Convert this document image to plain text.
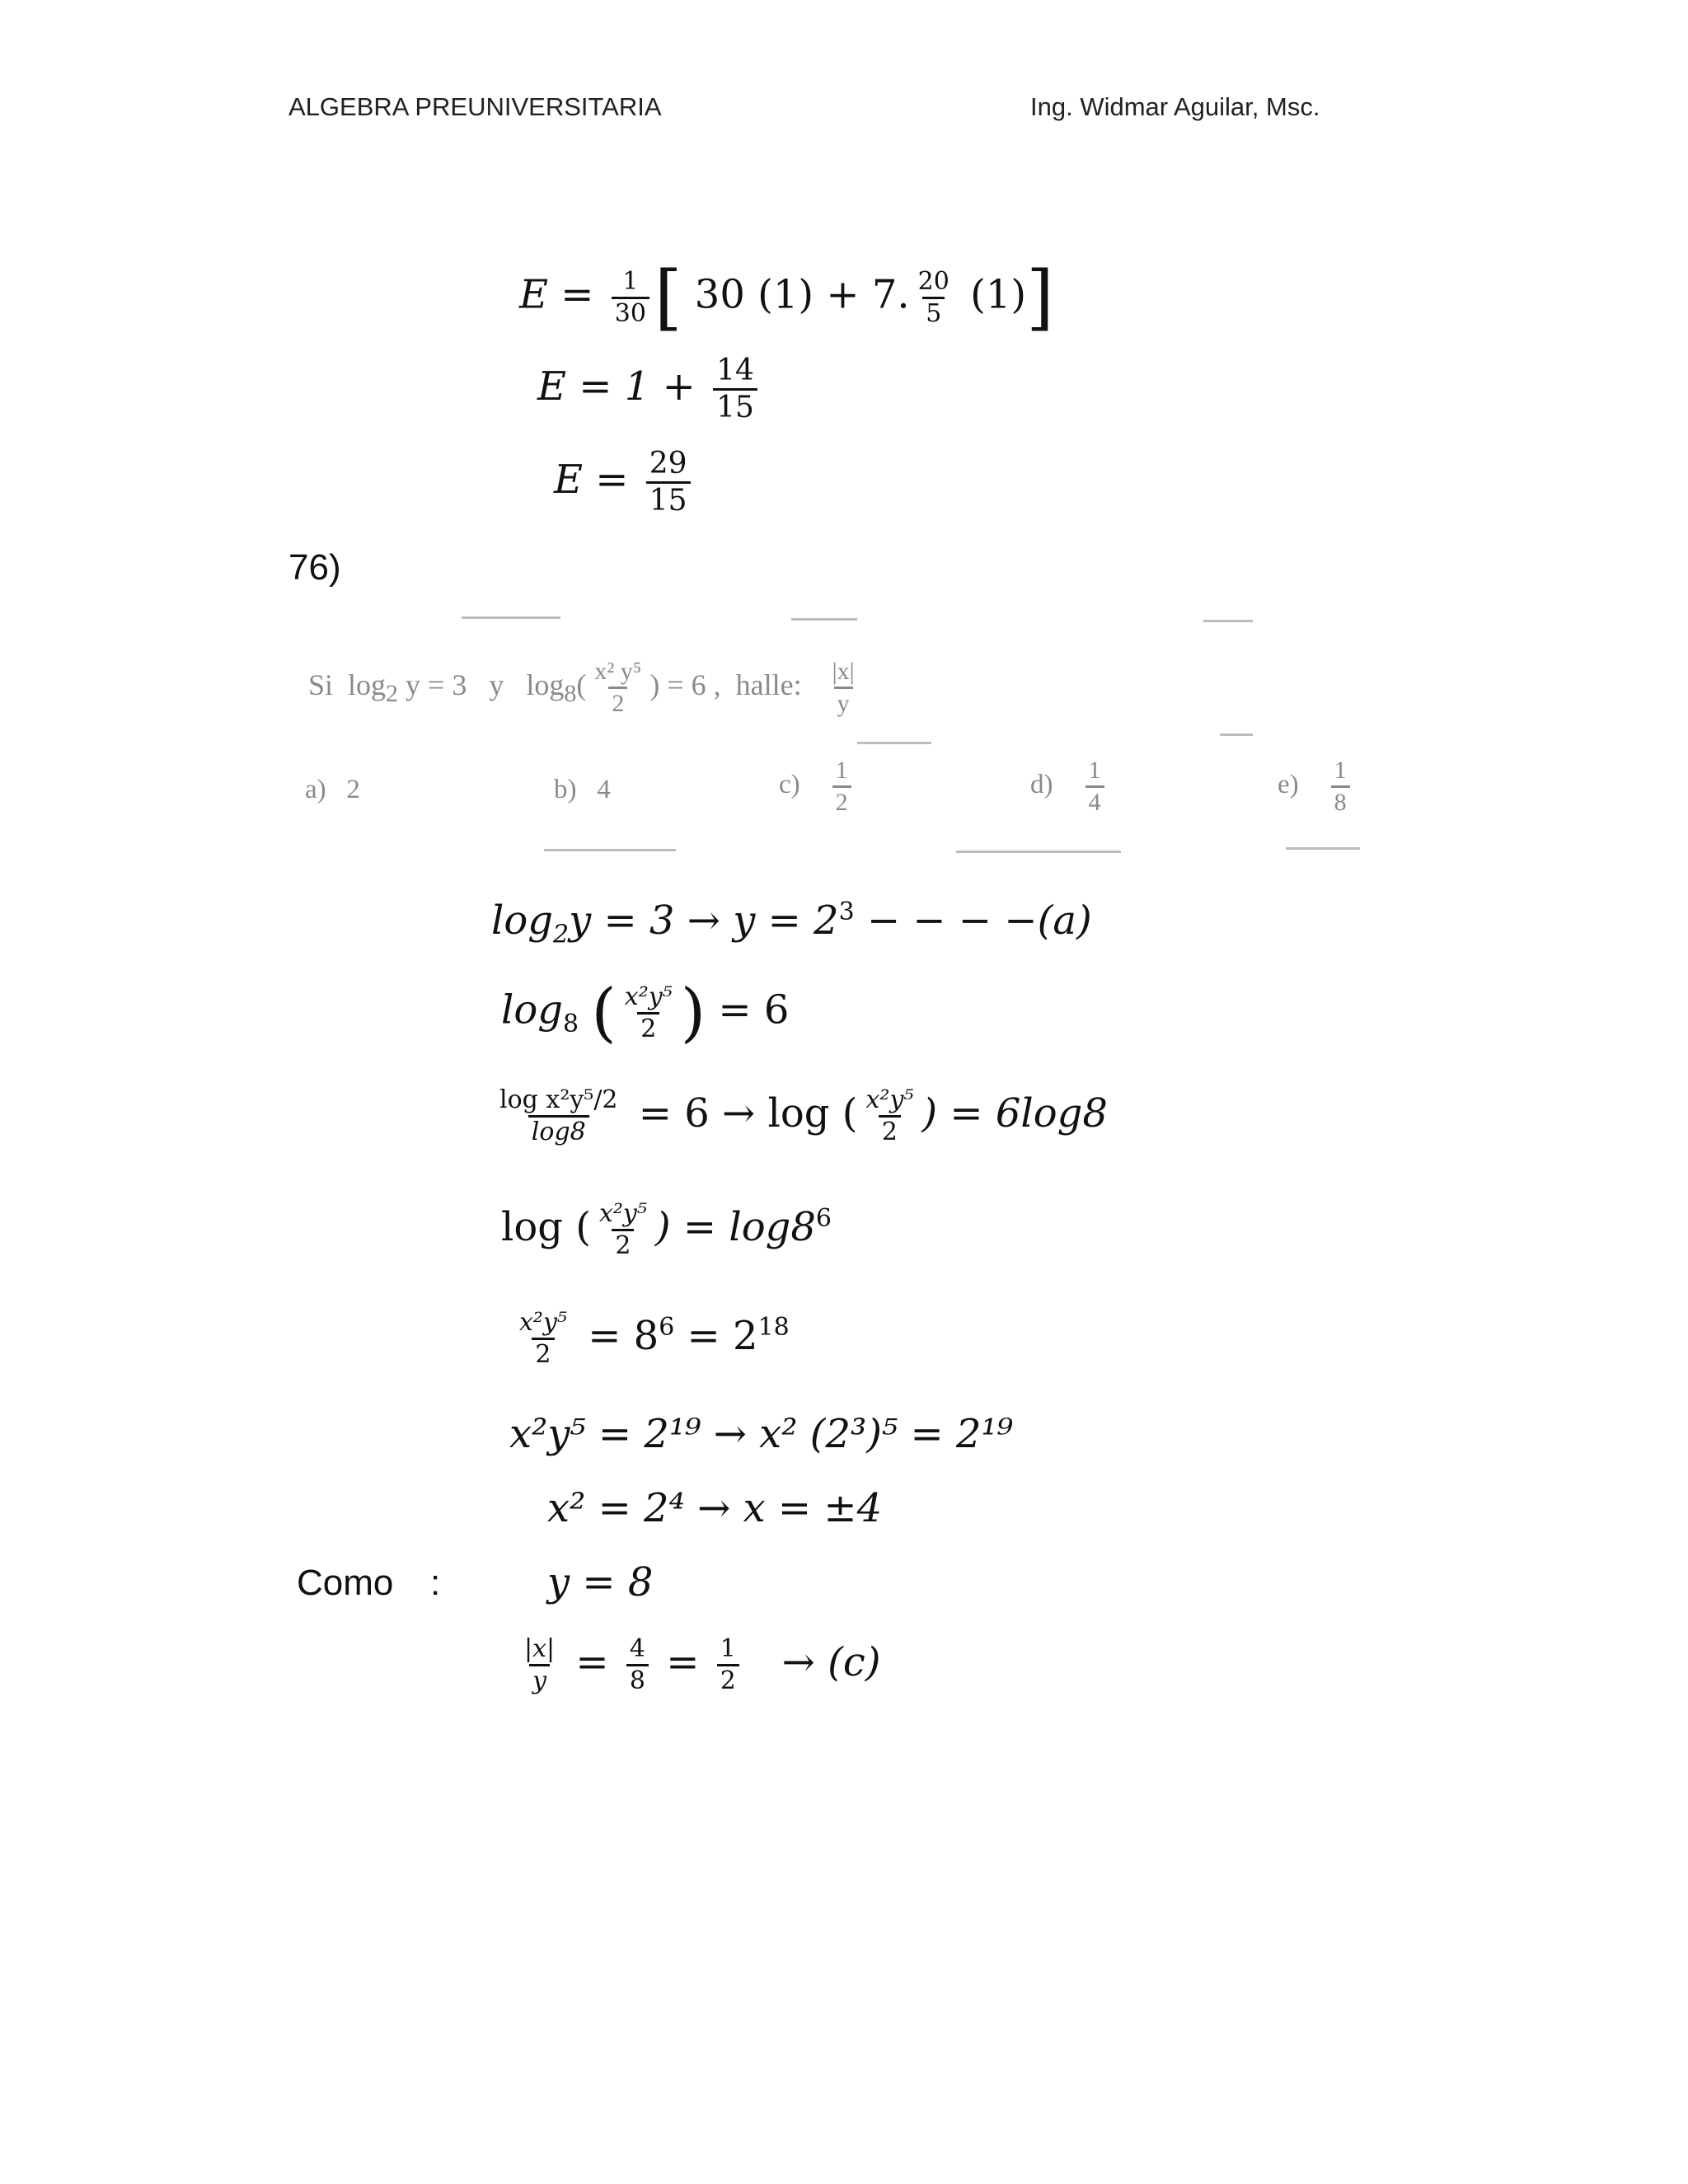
ALGEBRA PREUNIVERSITARIA	Ing. Widmar Aguilar, Msc.
$E = \frac{1}{30}$ [ 30 (1) + 7. $\frac{20}{5} (1)$]
$E = 1 + \frac{14}{15}$
$E = \frac{29}{15}$
76)
Si $\log_2 y = 3$ y $\log_8( \frac{\text{x² y⁵}}{2}$ ) = 6 , halle: $\frac{|x|}{y}$
a) 2	b) 4	$c) \frac{1}{2}$	$d) \frac{1}{4}$	$e) \frac{1}{8}$
$\log_2y = 3 \to y = 2^3$ − − − −(a)
$\log_8$ ( $\frac{\text{x²y⁵}}{2}$ ) = 6
$\frac{\text{log x²y⁵/2}}{\log 8} = 6 \to \log$ ( $\frac{\text{x²y⁵}}{2}$ ) = 6log8
log ( $\frac{\text{x²y⁵}}{2}$ ) = $\log 8^6$
$\frac{\text{x²y⁵}}{2} = 8^6 = 2^{18}$
x²y⁵ = 2¹⁹ → x² (2³)⁵ = 2¹⁹
x² = 2⁴ → x = ±4
Como :	y = 8
$\frac{|x|}{y} = \frac{4}{8} = \frac{1}{2} \to (c)$
